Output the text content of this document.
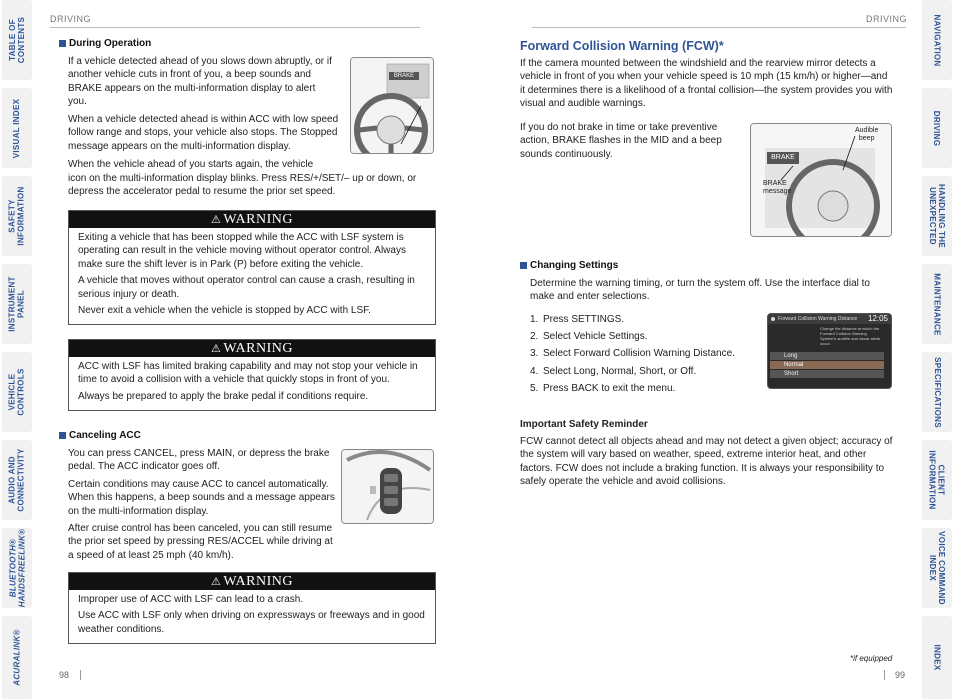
TABLE OF
CONTENTS
VISUAL INDEX
SAFETY
INFORMATION
INSTRUMENT
PANEL
VEHICLE
CONTROLS
AUDIO AND
CONNECTIVITY
BLUETOOTH®
HANDSFREELINK®
ACURALINK®
NAVIGATION
DRIVING
HANDLING THE
UNEXPECTED
MAINTENANCE
SPECIFICATIONS
CLIENT
INFORMATION
VOICE COMMAND
INDEX
INDEX
DRIVING	DRIVING
During Operation

If a vehicle detected ahead of you slows down abruptly, or if another vehicle cuts in front of you, a beep sounds and BRAKE appears on the multi-information display to alert you.

When a vehicle detected ahead is within ACC with low speed follow range and stops, your vehicle also stops. The Stopped message appears on the multi-information display.

When the vehicle ahead of you starts again, the vehicle

icon on the multi-information display blinks. Press RES/+/SET/– up or down, or depress the accelerator pedal to resume the prior set speed.

BRAKE
⚠ WARNING

Exiting a vehicle that has been stopped while the ACC with LSF system is operating can result in the vehicle moving without operator control. Always make sure the shift lever is in Park (P) before exiting the vehicle.

A vehicle that moves without operator control can cause a crash, resulting in serious injury or death.

Never exit a vehicle when the vehicle is stopped by ACC with LSF.

⚠ WARNING

ACC with LSF has limited braking capability and may not stop your vehicle in time to avoid a collision with a vehicle that quickly stops in front of you.

Always be prepared to apply the brake pedal if conditions require.

Canceling ACC

You can press CANCEL, press MAIN, or depress the brake pedal. The ACC indicator goes off.

Certain conditions may cause ACC to cancel automatically. When this happens, a beep sounds and a message appears on the multi-information display.

After cruise control has been canceled, you can still resume the prior set speed by pressing RES/ACCEL while driving at a speed of at least 25 mph (40 km/h).

⚠ WARNING

Improper use of ACC with LSF can lead to a crash.

Use ACC with LSF only when driving on expressways or freeways and in good weather conditions.

98
Forward Collision Warning (FCW)*

If the camera mounted between the windshield and the rearview mirror detects a vehicle in front of you when your vehicle speed is 10 mph (15 km/h) or higher—and it determines there is a likelihood of a frontal collision—the system provides you with visual and audible warnings.

If you do not brake in time or take preventive action, BRAKE flashes in the MID and a beep sounds continuously.	BRAKE
Audible
beep
BRAKE
message
Changing Settings

Determine the warning timing, or turn the system off. Use the interface dial to make and enter selections.

1. Press SETTINGS.
2. Select Vehicle Settings.
3. Select Forward Collision Warning Distance.
4. Select Long, Normal, Short, or Off.
5. Press BACK to exit the menu.
Forward Collision Warning Distance 12:05
Change the distance at which the Forward Collision Warning System's audible and visual alerts occur.
Long
Normal
Short
Important Safety Reminder

FCW cannot detect all objects ahead and may not detect a given object; accuracy of the system will vary based on weather, speed, extreme interior heat, and other factors. FCW does not include a braking function. It is always your responsibility to safely operate the vehicle and avoid collisions.

*if equipped
99
